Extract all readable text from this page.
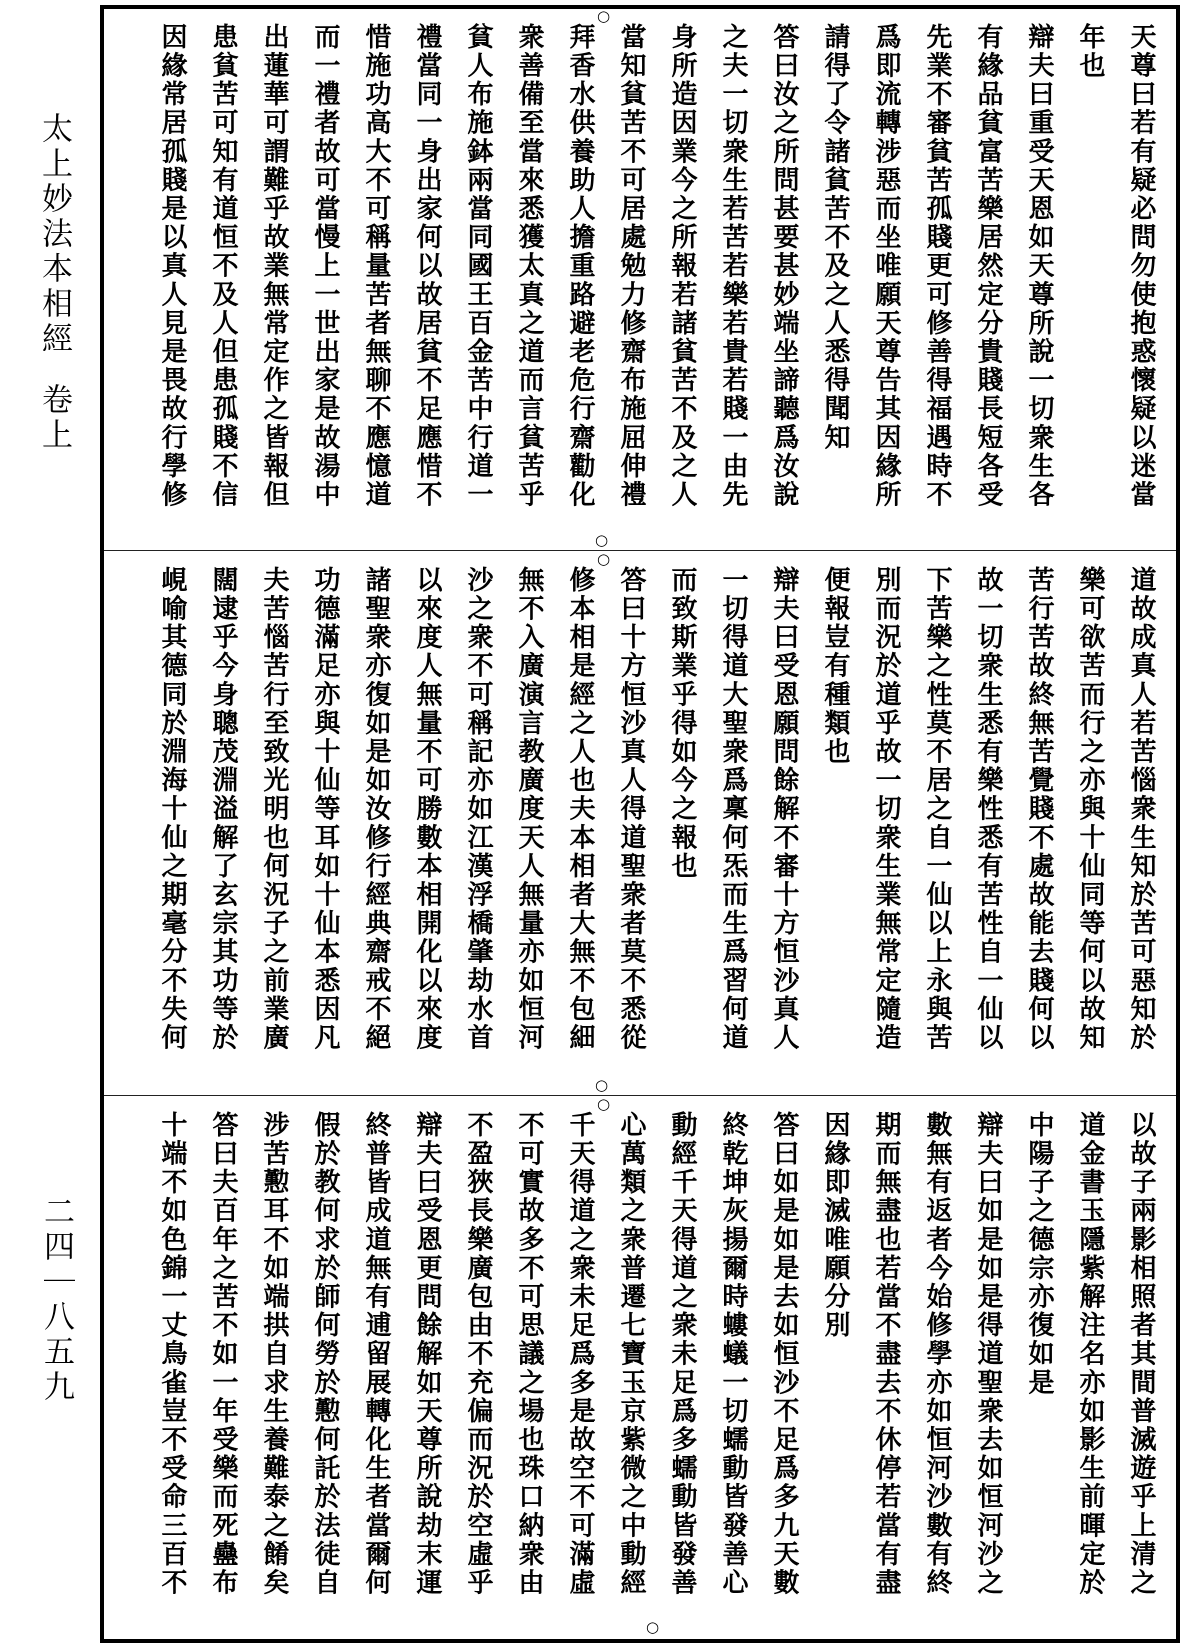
太上妙法本相經卷上
二四｜八五九
天尊曰若有疑必問勿使抱惑懷疑以迷當
年也
辯夫曰重受天恩如天尊所說一切衆生各
有緣品貧富苦樂居然定分貴賤長短各受
先業不審貧苦孤賤更可修善得福遇時不
爲即流轉涉惡而坐唯願天尊告其因緣所
請得了令諸貧苦不及之人悉得聞知
答曰汝之所問甚要甚妙端坐諦聽爲汝說
之夫一切衆生若苦若樂若貴若賤一由先
身所造因業今之所報若諸貧苦不及之人
當知貧苦不可居處勉力修齋布施屈伸禮
○
○
拜香水供養助人擔重路避老危行齋勸化
衆善備至當來悉獲太真之道而言貧苦乎
貧人布施鉢兩當同國王百金苦中行道一
禮當同一身出家何以故居貧不足應惜不
惜施功高大不可稱量苦者無聊不應憶道
而一禮者故可當慢上一世出家是故湯中
出蓮華可謂難乎故業無常定作之皆報但
患貧苦可知有道恒不及人但患孤賤不信
因緣常居孤賤是以真人見是畏故行學修
道故成真人若苦惱衆生知於苦可惡知於
樂可欲苦而行之亦與十仙同等何以故知
苦行苦故終無苦覺賤不處故能去賤何以
故一切衆生悉有樂性悉有苦性自一仙以
下苦樂之性莫不居之自一仙以上永與苦
別而況於道乎故一切衆生業無常定隨造
便報豈有種類也
辯夫曰受恩願問餘解不審十方恒沙真人
一切得道大聖衆爲稟何炁而生爲習何道
而致斯業乎得如今之報也
答曰十方恒沙真人得道聖衆者莫不悉從
○
○
修本相是經之人也夫本相者大無不包細
無不入廣演言教廣度天人無量亦如恒河
沙之衆不可稱記亦如江漢浮橋肇劫水首
以來度人無量不可勝數本相開化以來度
諸聖衆亦復如是如汝修行經典齋戒不絕
功德滿足亦與十仙等耳如十仙本悉因凡
夫苦惱苦行至致光明也何況子之前業廣
闊逮乎今身聰茂淵溢解了玄宗其功等於
峴喻其德同於淵海十仙之期毫分不失何
以故子兩影相照者其間普滅遊乎上清之
道金書玉隱紫解注名亦如影生前暉定於
中陽子之德宗亦復如是
辯夫曰如是如是得道聖衆去如恒河沙之
數無有返者今始修學亦如恒河沙數有終
期而無盡也若當不盡去不休停若當有盡
因緣即滅唯願分別
答曰如是如是去如恒沙不足爲多九天數
終乾坤灰揚爾時螻蟻一切蠕動皆發善心
動經千天得道之衆未足爲多蠕動皆發善
○
心萬類之衆普遷七寶玉京紫微之中動經
○
千天得道之衆未足爲多是故空不可滿虛
不可實故多不可思議之場也珠口納衆由
不盈狹長樂廣包由不充偏而況於空虛乎
辯夫曰受恩更問餘解如天尊所說劫末運
終普皆成道無有逋留展轉化生者當爾何
假於教何求於師何勞於懃何託於法徒自
涉苦懃耳不如端拱自求生養難泰之餚矣
答曰夫百年之苦不如一年受樂而死蠱布
十端不如色錦一丈鳥雀豈不受命三百不
